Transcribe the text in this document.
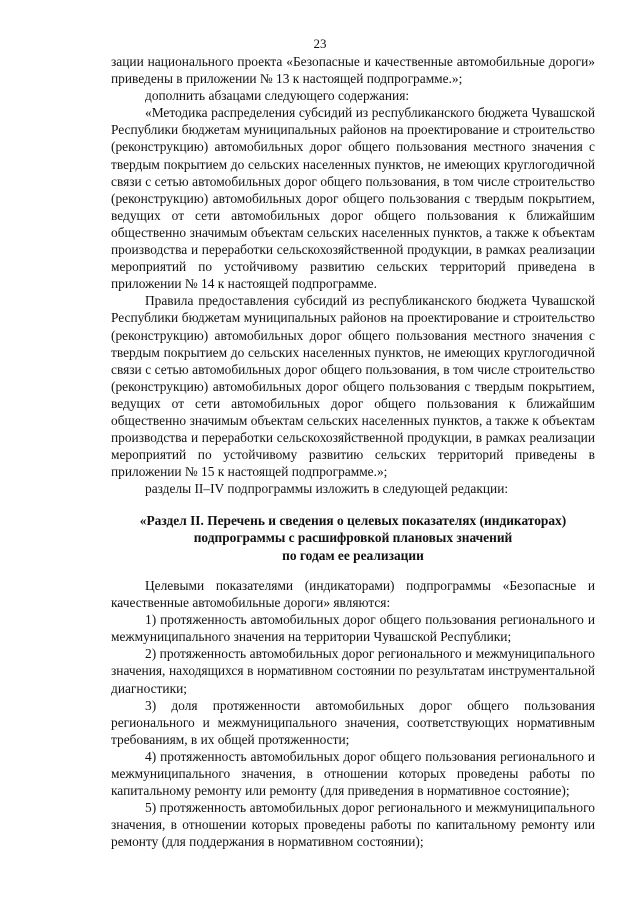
23

зации национального проекта «Безопасные и качественные автомобильные дороги» приведены в приложении № 13 к настоящей подпрограмме.»;

дополнить абзацами следующего содержания:

«Методика распределения субсидий из республиканского бюджета Чувашской Республики бюджетам муниципальных районов на проектирование и строительство (реконструкцию) автомобильных дорог общего пользования местного значения с твердым покрытием до сельских населенных пунктов, не имеющих круглогодичной связи с сетью автомобильных дорог общего пользования, в том числе строительство (реконструкцию) автомобильных дорог общего пользования с твердым покрытием, ведущих от сети автомобильных дорог общего пользования к ближайшим общественно значимым объектам сельских населенных пунктов, а также к объектам производства и переработки сельскохозяйственной продукции, в рамках реализации мероприятий по устойчивому развитию сельских территорий приведена в приложении № 14 к настоящей подпрограмме.

Правила предоставления субсидий из республиканского бюджета Чувашской Республики бюджетам муниципальных районов на проектирование и строительство (реконструкцию) автомобильных дорог общего пользования местного значения с твердым покрытием до сельских населенных пунктов, не имеющих круглогодичной связи с сетью автомобильных дорог общего пользования, в том числе строительство (реконструкцию) автомобильных дорог общего пользования с твердым покрытием, ведущих от сети автомобильных дорог общего пользования к ближайшим общественно значимым объектам сельских населенных пунктов, а также к объектам производства и переработки сельскохозяйственной продукции, в рамках реализации мероприятий по устойчивому развитию сельских территорий приведены в приложении № 15 к настоящей подпрограмме.»;

разделы II–IV подпрограммы изложить в следующей редакции:

«Раздел II. Перечень и сведения о целевых показателях (индикаторах)
подпрограммы с расшифровкой плановых значений
по годам ее реализации

Целевыми показателями (индикаторами) подпрограммы «Безопасные и качественные автомобильные дороги» являются:

1) протяженность автомобильных дорог общего пользования регионального и межмуниципального значения на территории Чувашской Республики;

2) протяженность автомобильных дорог регионального и межмуниципального значения, находящихся в нормативном состоянии по результатам инструментальной диагностики;

3) доля протяженности автомобильных дорог общего пользования регионального и межмуниципального значения, соответствующих нормативным требованиям, в их общей протяженности;

4) протяженность автомобильных дорог общего пользования регионального и межмуниципального значения, в отношении которых проведены работы по капитальному ремонту или ремонту (для приведения в нормативное состояние);

5) протяженность автомобильных дорог регионального и межмуниципального значения, в отношении которых проведены работы по капитальному ремонту или ремонту (для поддержания в нормативном состоянии);
